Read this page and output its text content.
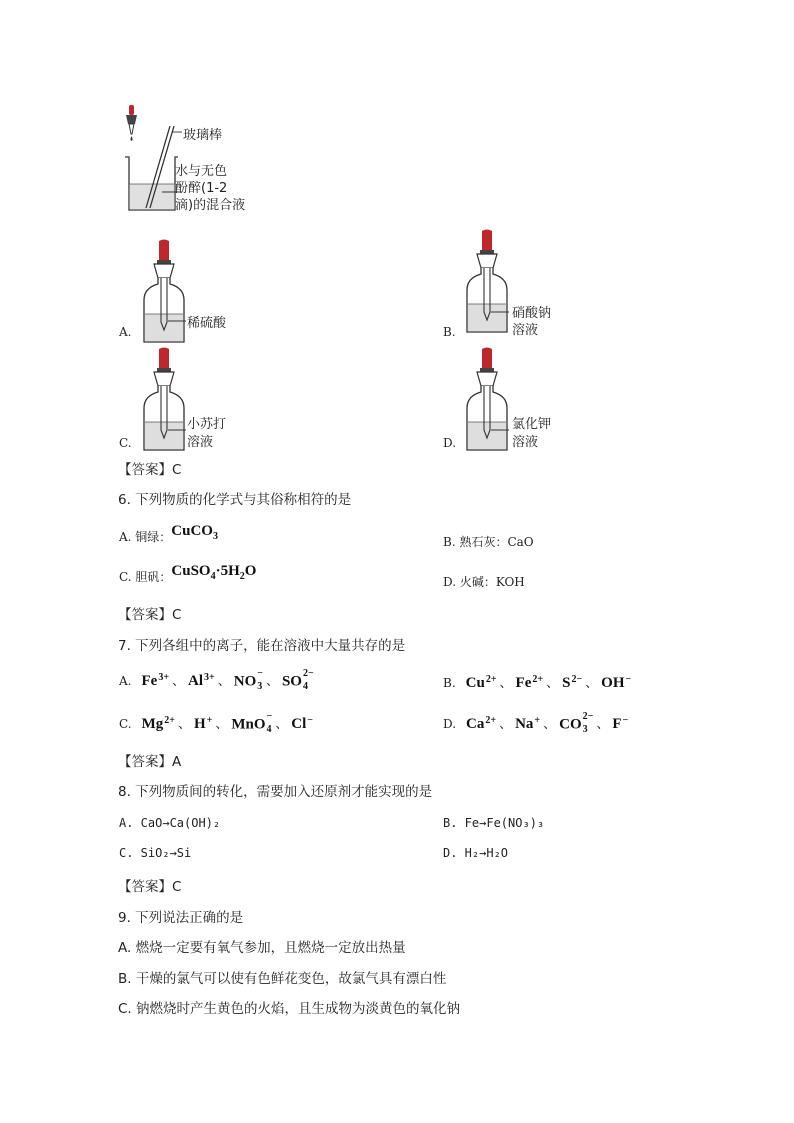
玻璃棒
水与无色
酚醉(1-2
滴)的混合液
A.
稀硫酸
B.
硝酸钠
溶液
C.
小苏打
溶液	D.
氯化钾
溶液
【答案】C
6. 下列物质的化学式与其俗称相符的是
A. 铜绿：CuCO$_3$	B. 熟石灰：CaO
C. 胆矾：$CuSO_4\cdot 5H_2O$
D. 火碱：KOH
【答案】C
7. 下列各组中的离子，能在溶液中大量共存的是
A. Fe 3+ 、 Al 3+ 、 NO −
3 、 SO 2−
4	B. Cu 2+ 、 Fe 2+ 、 S 2− 、 OH −
C. Mg 2+ 、 H + 、 MnO −
4 、 Cl −	D. Ca 2+ 、 Na + 、 CO 2−
3 、 F −
【答案】A
8. 下列物质间的转化，需要加入还原剂才能实现的是
A. CaO→Ca(OH)₂	B. Fe→Fe(NO₃)₃
C. SiO₂→Si	D. H₂→H₂O
【答案】C
9. 下列说法正确的是
A. 燃烧一定要有氧气参加，且燃烧一定放出热量
B. 干燥的氯气可以使有色鲜花变色，故氯气具有漂白性
C. 钠燃烧时产生黄色的火焰，且生成物为淡黄色的氧化钠
